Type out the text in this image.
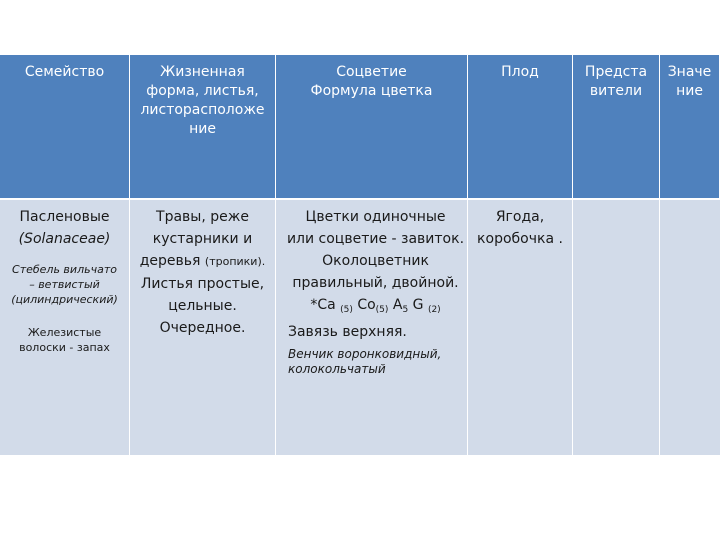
Семейство	Жизненная
форма, листья,
листорасположе
ние
Соцветие
Формула цветка
Плод	Предста
вители
Значе
ние
Пасленовые
(Solanaceae)
Стебель вильчато
– ветвистый
(цилиндрический)
Железистые
волоски - запах
Травы, реже
кустарники и
деревья (тропики).
Листья простые,
цельные.
Очередное.
Цветки одиночные
или соцветие - завиток.
Околоцветник
правильный, двойной.
*Ca $_{(5)}$ $Co_{(5)}$ $A_5$ G $_{(2)}$
Завязь верхняя.
Венчик воронковидный,
колокольчатый
Ягода,
коробочка .
